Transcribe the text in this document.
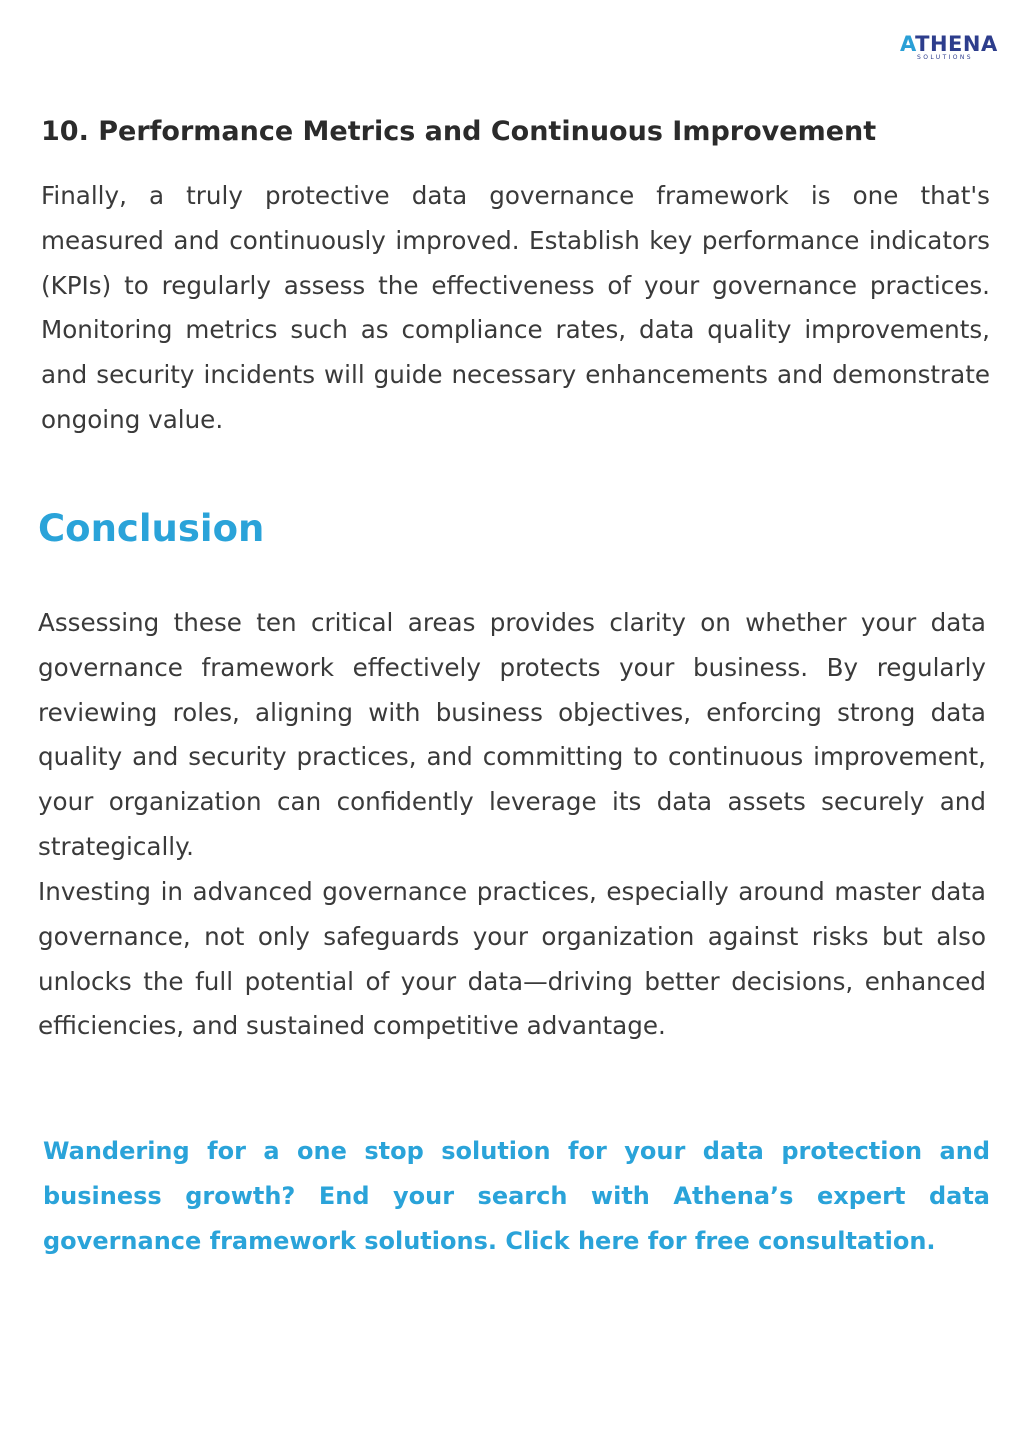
ATHENA
SOLUTIONS
10. Performance Metrics and Continuous Improvement

Finally, a truly protective data governance framework is one that's measured and continuously improved. Establish key performance indicators (KPIs) to regularly assess the effectiveness of your governance practices. Monitoring metrics such as compliance rates, data quality improvements, and security incidents will guide necessary enhancements and demonstrate ongoing value.

Conclusion

Assessing these ten critical areas provides clarity on whether your data governance framework effectively protects your business. By regularly reviewing roles, aligning with business objectives, enforcing strong data quality and security practices, and committing to continuous improvement, your organization can confidently leverage its data assets securely and strategically.

Investing in advanced governance practices, especially around master data governance, not only safeguards your organization against risks but also unlocks the full potential of your data—driving better decisions, enhanced efficiencies, and sustained competitive advantage.

Wandering for a one stop solution for your data protection and business growth? End your search with Athena’s expert data governance framework solutions. Click here for free consultation.
